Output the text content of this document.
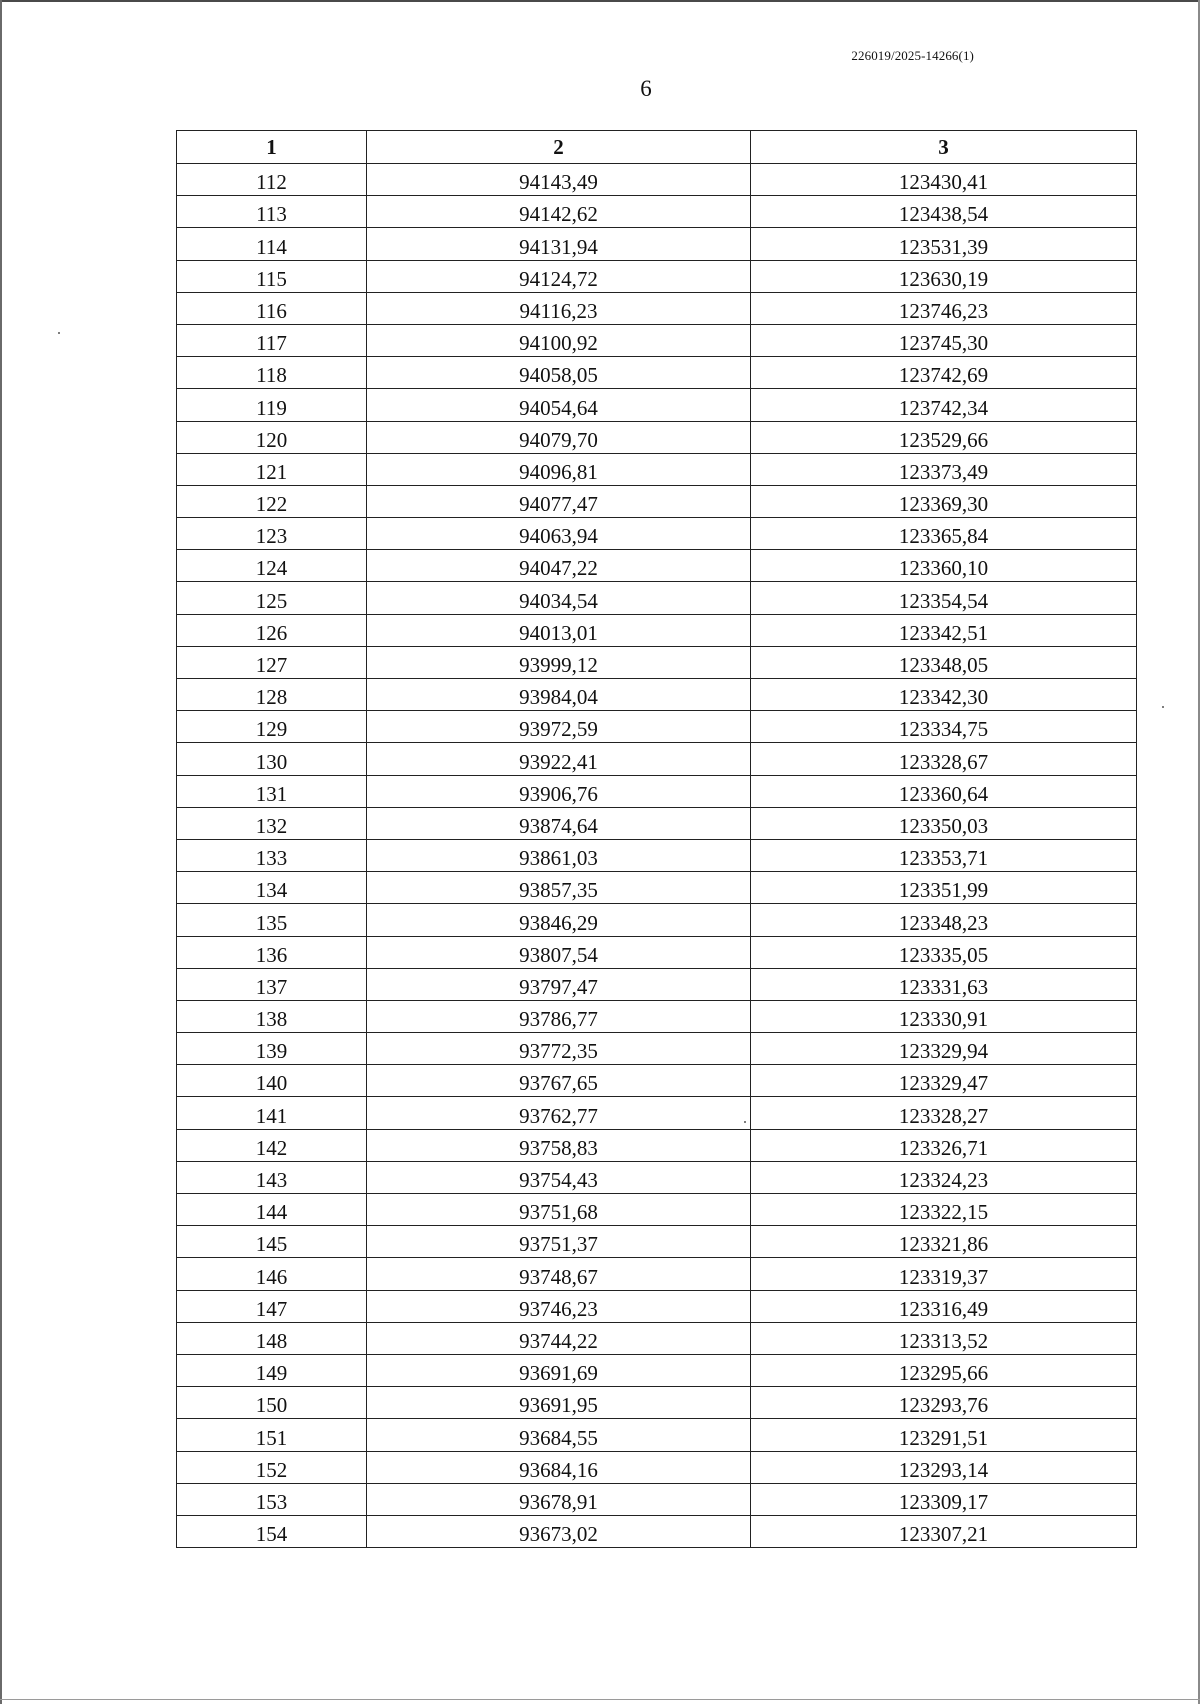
226019/2025-14266(1)
6
1	2	3
112	94143,49	123430,41
113	94142,62	123438,54
114	94131,94	123531,39
115	94124,72	123630,19
116	94116,23	123746,23
117	94100,92	123745,30
118	94058,05	123742,69
119	94054,64	123742,34
120	94079,70	123529,66
121	94096,81	123373,49
122	94077,47	123369,30
123	94063,94	123365,84
124	94047,22	123360,10
125	94034,54	123354,54
126	94013,01	123342,51
127	93999,12	123348,05
128	93984,04	123342,30
129	93972,59	123334,75
130	93922,41	123328,67
131	93906,76	123360,64
132	93874,64	123350,03
133	93861,03	123353,71
134	93857,35	123351,99
135	93846,29	123348,23
136	93807,54	123335,05
137	93797,47	123331,63
138	93786,77	123330,91
139	93772,35	123329,94
140	93767,65	123329,47
141	93762,77	123328,27
142	93758,83	123326,71
143	93754,43	123324,23
144	93751,68	123322,15
145	93751,37	123321,86
146	93748,67	123319,37
147	93746,23	123316,49
148	93744,22	123313,52
149	93691,69	123295,66
150	93691,95	123293,76
151	93684,55	123291,51
152	93684,16	123293,14
153	93678,91	123309,17
154	93673,02	123307,21
